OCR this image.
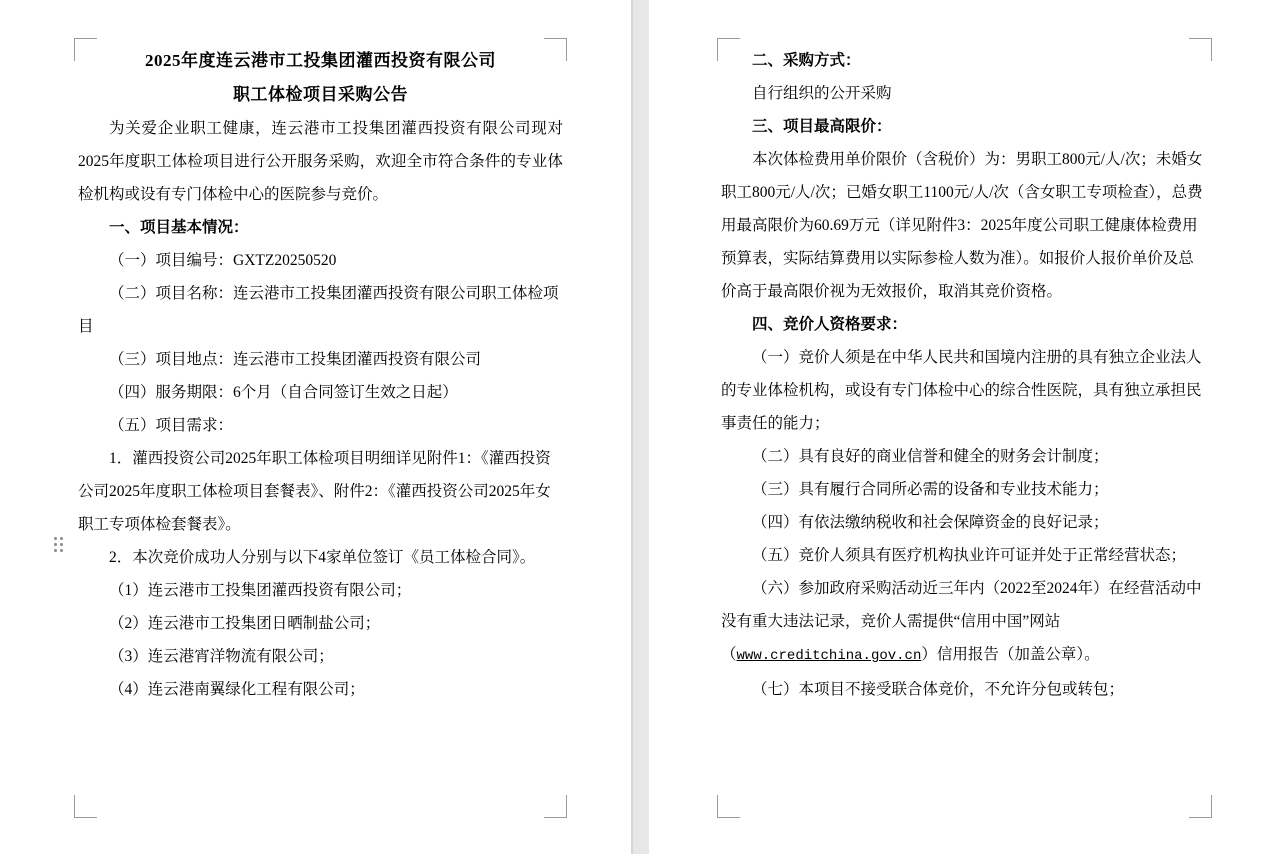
2025年度连云港市工投集团灌西投资有限公司
职工体检项目采购公告

为关爱企业职工健康，连云港市工投集团灌西投资有限公司现对2025年度职工体检项目进行公开服务采购，欢迎全市符合条件的专业体检机构或设有专门体检中心的医院参与竞价。

一、项目基本情况：

（一）项目编号：GXTZ20250520

（二）项目名称：连云港市工投集团灌西投资有限公司职工体检项目

（三）项目地点：连云港市工投集团灌西投资有限公司

（四）服务期限：6个月（自合同签订生效之日起）

（五）项目需求：

1．灌西投资公司2025年职工体检项目明细详见附件1：《灌西投资公司2025年度职工体检项目套餐表》、附件2：《灌西投资公司2025年女职工专项体检套餐表》。

2．本次竞价成功人分别与以下4家单位签订《员工体检合同》。

（1）连云港市工投集团灌西投资有限公司；

（2）连云港市工投集团日晒制盐公司；

（3）连云港宵洋物流有限公司；

（4）连云港南翼绿化工程有限公司；

二、采购方式：

自行组织的公开采购

三、项目最高限价：

本次体检费用单价限价（含税价）为：男职工800元/人/次；未婚女职工800元/人/次；已婚女职工1100元/人/次（含女职工专项检查），总费用最高限价为60.69万元（详见附件3：2025年度公司职工健康体检费用预算表，实际结算费用以实际参检人数为准）。如报价人报价单价及总价高于最高限价视为无效报价，取消其竞价资格。

四、竞价人资格要求：

（一）竞价人须是在中华人民共和国境内注册的具有独立企业法人的专业体检机构，或设有专门体检中心的综合性医院，具有独立承担民事责任的能力；

（二）具有良好的商业信誉和健全的财务会计制度；

（三）具有履行合同所必需的设备和专业技术能力；

（四）有依法缴纳税收和社会保障资金的良好记录；

（五）竞价人须具有医疗机构执业许可证并处于正常经营状态；

（六）参加政府采购活动近三年内（2022至2024年）在经营活动中没有重大违法记录，竞价人需提供“信用中国”网站（www.creditchina.gov.cn）信用报告（加盖公章）。

（七）本项目不接受联合体竞价，不允许分包或转包；
